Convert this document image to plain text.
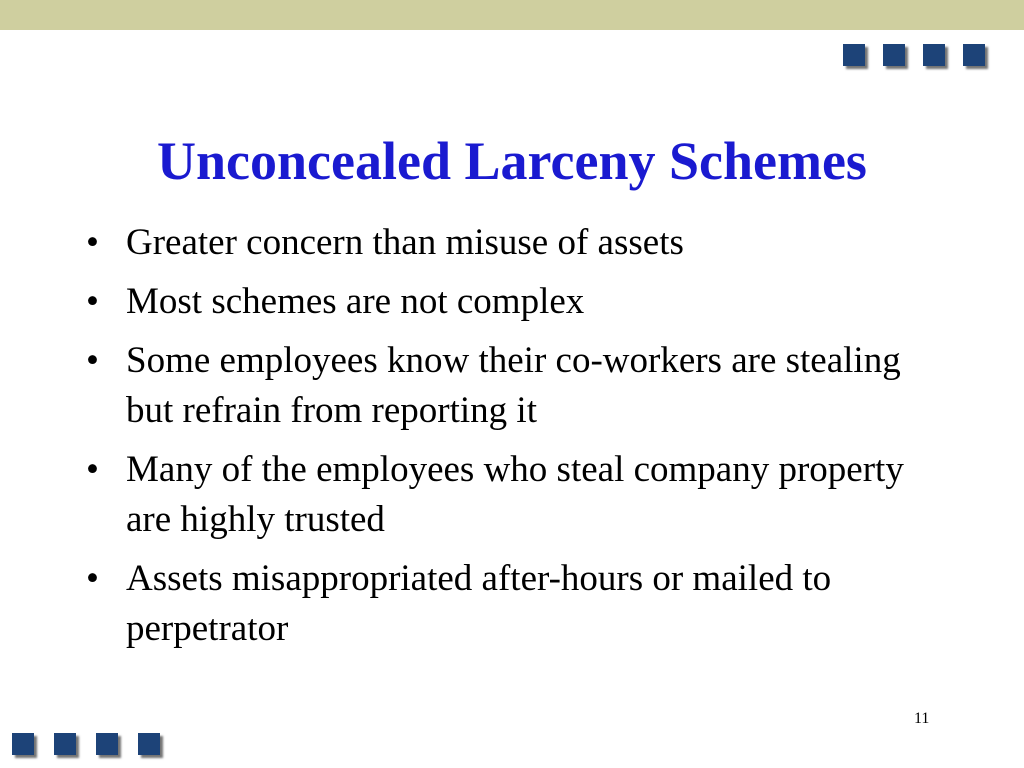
Unconcealed Larceny Schemes
• Greater concern than misuse of assets
• Most schemes are not complex
• Some employees know their co-workers are stealing but refrain from reporting it
• Many of the employees who steal company property are highly trusted
• Assets misappropriated after-hours or mailed to perpetrator
11
